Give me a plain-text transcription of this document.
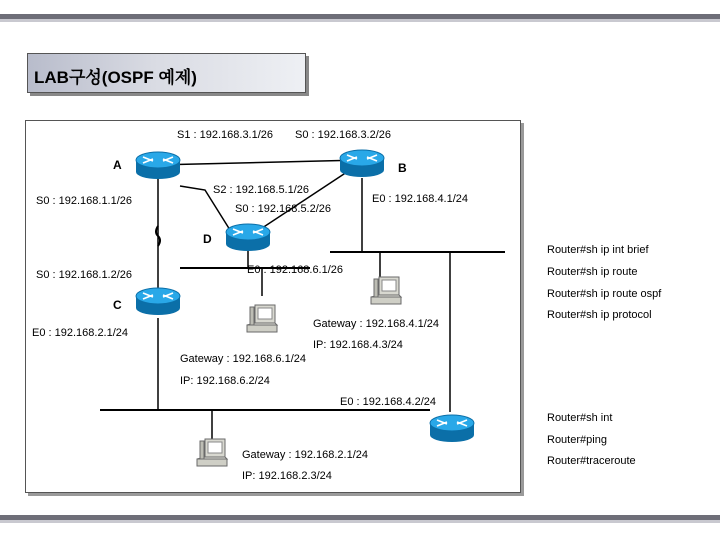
LAB구성(OSPF 예제)
A	B
C
D
S1 : 192.168.3.1/26 S0 : 192.168.3.2/26
S0 : 192.168.1.1/26
S2 : 192.168.5.1/26
S0 : 192.168.5.2/26
E0 : 192.168.4.1/24
S0 : 192.168.1.2/26	E0 : 192.168.6.1/26
E0 : 192.168.2.1/24
E0 : 192.168.4.2/24
Gateway : 192.168.4.1/24
IP: 192.168.4.3/24
Gateway : 192.168.6.1/24
IP: 192.168.6.2/24
Gateway : 192.168.2.1/24
IP: 192.168.2.3/24
Router#sh ip int brief
Router#sh ip route
Router#sh ip route ospf
Router#sh ip protocol
Router#sh int
Router#ping
Router#traceroute
